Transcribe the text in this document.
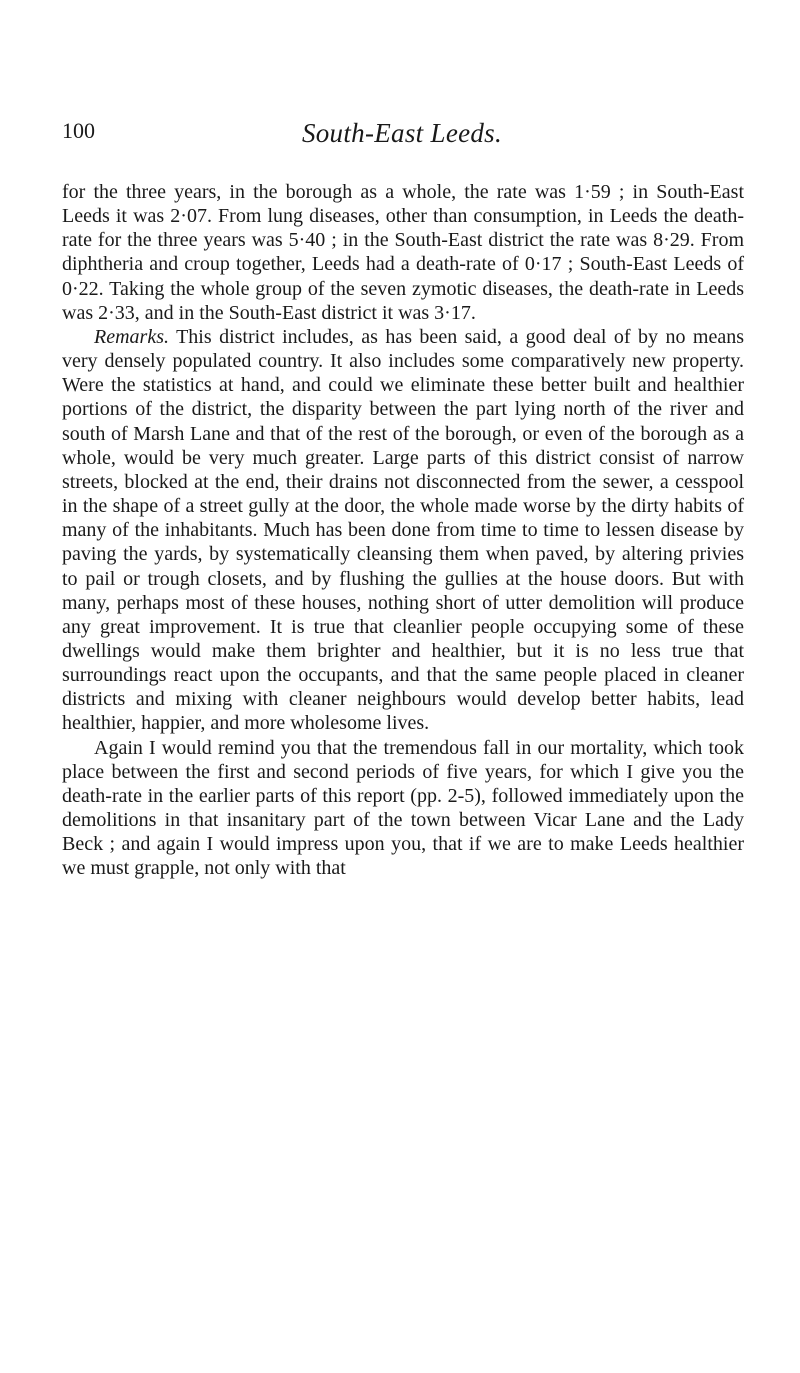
100	South-East Leeds.

for the three years, in the borough as a whole, the rate was 1·59 ; in South-East Leeds it was 2·07. From lung diseases, other than consumption, in Leeds the death-rate for the three years was 5·40 ; in the South-East district the rate was 8·29. From diphtheria and croup together, Leeds had a death-rate of 0·17 ; South-East Leeds of 0·22. Taking the whole group of the seven zymotic diseases, the death-rate in Leeds was 2·33, and in the South-East district it was 3·17.

Remarks. This district includes, as has been said, a good deal of by no means very densely populated country. It also includes some comparatively new property. Were the statistics at hand, and could we eliminate these better built and healthier portions of the district, the disparity between the part lying north of the river and south of Marsh Lane and that of the rest of the borough, or even of the borough as a whole, would be very much greater. Large parts of this district consist of narrow streets, blocked at the end, their drains not disconnected from the sewer, a cesspool in the shape of a street gully at the door, the whole made worse by the dirty habits of many of the inhabitants. Much has been done from time to time to lessen disease by paving the yards, by systematically cleansing them when paved, by altering privies to pail or trough closets, and by flushing the gullies at the house doors. But with many, perhaps most of these houses, nothing short of utter demolition will produce any great improvement. It is true that cleanlier people occupying some of these dwellings would make them brighter and healthier, but it is no less true that surroundings react upon the occupants, and that the same people placed in cleaner districts and mixing with cleaner neighbours would develop better habits, lead healthier, happier, and more wholesome lives.

Again I would remind you that the tremendous fall in our mortality, which took place between the first and second periods of five years, for which I give you the death-rate in the earlier parts of this report (pp. 2-5), followed immediately upon the demolitions in that insanitary part of the town between Vicar Lane and the Lady Beck ; and again I would impress upon you, that if we are to make Leeds healthier we must grapple, not only with that
